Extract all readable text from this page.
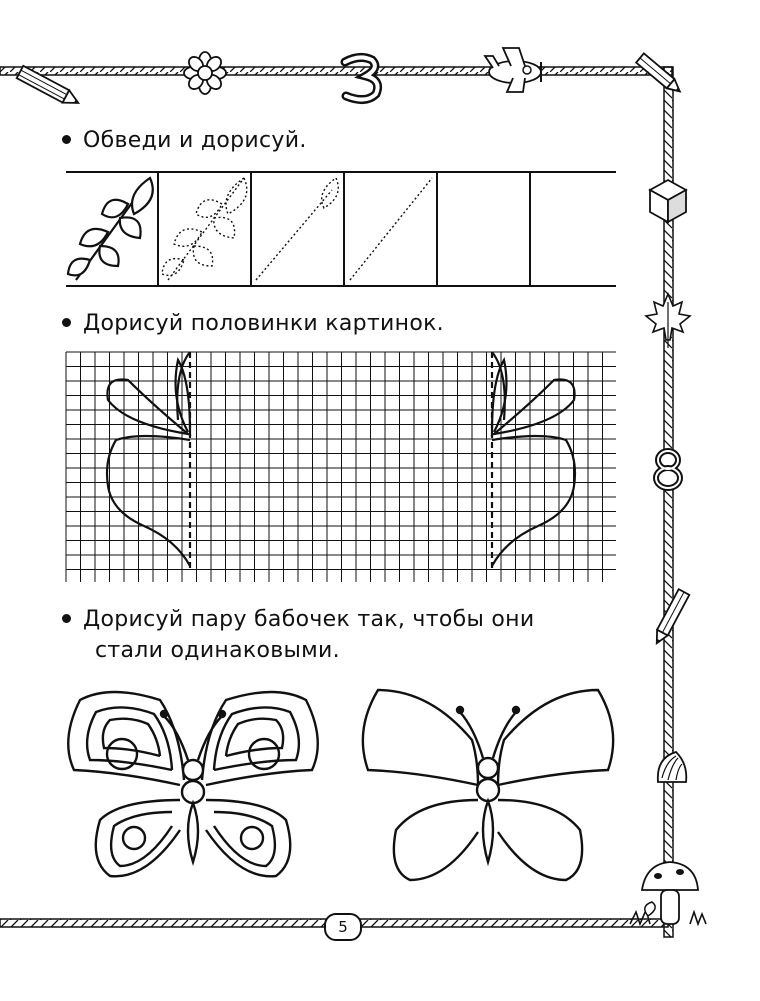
Обведи и дорисуй.
Дорисуй половинки картинок.
Дорисуй пару бабочек так, чтобы они
стали одинаковыми.
5
